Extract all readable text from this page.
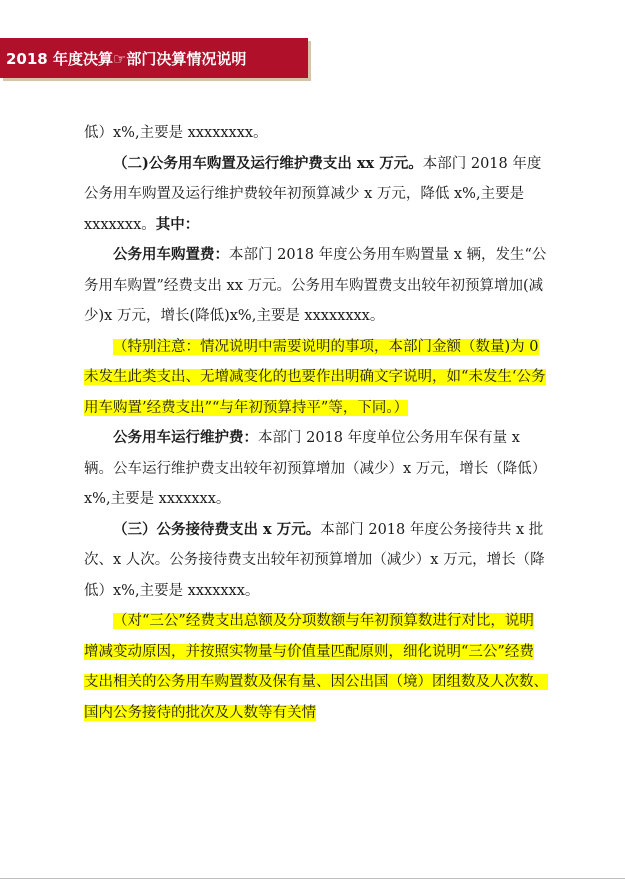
2018 年度决算☞部门决算情况说明

低）x%,主要是 xxxxxxxx。

（二)公务用车购置及运行维护费支出 xx 万元。本部门 2018 年度公务用车购置及运行维护费较年初预算减少 x 万元，降低 x%,主要是 xxxxxxx。其中：

公务用车购置费：本部门 2018 年度公务用车购置量 x 辆，发生“公务用车购置”经费支出 xx 万元。公务用车购置费支出较年初预算增加(减少)x 万元，增长(降低)x%,主要是 xxxxxxxx。

（特别注意：情况说明中需要说明的事项，本部门金额（数量)为 0 未发生此类支出、无增减变化的也要作出明确文字说明，如“未发生‘公务用车购置’经费支出”“与年初预算持平”等，下同。）

公务用车运行维护费：本部门 2018 年度单位公务用车保有量 x 辆。公车运行维护费支出较年初预算增加（减少）x 万元，增长（降低）x%,主要是 xxxxxxx。

（三）公务接待费支出 x 万元。本部门 2018 年度公务接待共 x 批次、x 人次。公务接待费支出较年初预算增加（减少）x 万元，增长（降低）x%,主要是 xxxxxxx。

（对“三公”经费支出总额及分项数额与年初预算数进行对比，说明增减变动原因，并按照实物量与价值量匹配原则，细化说明“三公”经费支出相关的公务用车购置数及保有量、因公出国（境）团组数及人次数、国内公务接待的批次及人数等有关情
